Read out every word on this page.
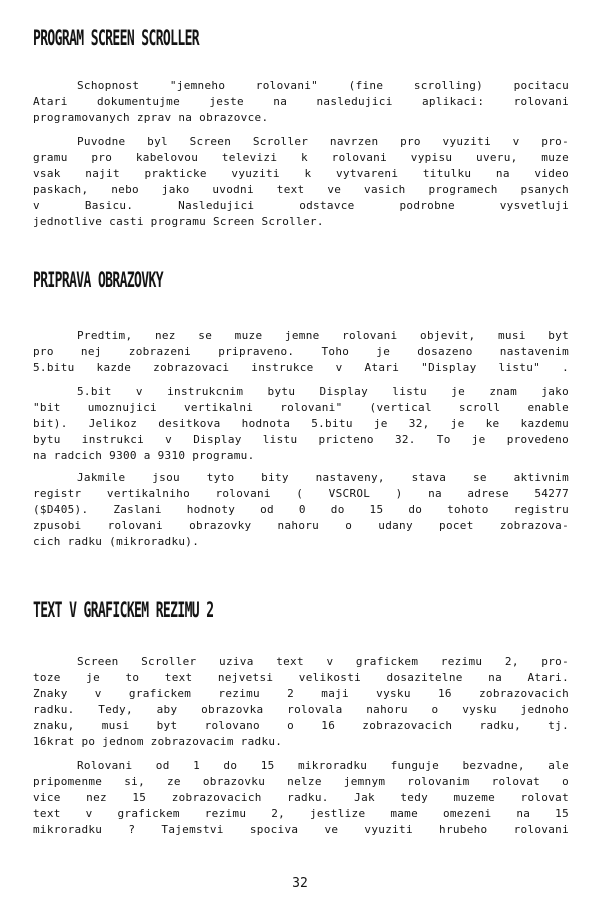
PROGRAM SCREEN SCROLLER
Schopnost "jemneho rolovani" (fine scrolling) pocitacu
Atari dokumentujme jeste na nasledujici aplikaci: rolovani
programovanych zprav na obrazovce.
Puvodne byl Screen Scroller navrzen pro vyuziti v pro-
gramu pro kabelovou televizi k rolovani vypisu uveru, muze
vsak najit prakticke vyuziti k vytvareni titulku na video
paskach, nebo jako uvodni text ve vasich programech psanych
v Basicu. Nasledujici odstavce podrobne vysvetluji
jednotlive casti programu Screen Scroller.
PRIPRAVA OBRAZOVKY
Predtim, nez se muze jemne rolovani objevit, musi byt
pro nej zobrazeni pripraveno. Toho je dosazeno nastavenim
5.bitu kazde zobrazovaci instrukce v Atari "Display listu" .
5.bit v instrukcnim bytu Display listu je znam jako
"bit umoznujici vertikalni rolovani" (vertical scroll enable
bit). Jelikoz desitkova hodnota 5.bitu je 32, je ke kazdemu
bytu instrukci v Display listu pricteno 32. To je provedeno
na radcich 9300 a 9310 programu.
Jakmile jsou tyto bity nastaveny, stava se aktivnim
registr vertikalniho rolovani ( VSCROL ) na adrese 54277
($D405). Zaslani hodnoty od 0 do 15 do tohoto registru
zpusobi rolovani obrazovky nahoru o udany pocet zobrazova-
cich radku (mikroradku).
TEXT V GRAFICKEM REZIMU 2
Screen Scroller uziva text v grafickem rezimu 2, pro-
toze je to text nejvetsi velikosti dosazitelne na Atari.
Znaky v grafickem rezimu 2 maji vysku 16 zobrazovacich
radku. Tedy, aby obrazovka rolovala nahoru o vysku jednoho
znaku, musi byt rolovano o 16 zobrazovacich radku, tj.
16krat po jednom zobrazovacim radku.
Rolovani od 1 do 15 mikroradku funguje bezvadne, ale
pripomenme si, ze obrazovku nelze jemnym rolovanim rolovat o
vice nez 15 zobrazovacich radku. Jak tedy muzeme rolovat
text v grafickem rezimu 2, jestlize mame omezeni na 15
mikroradku ? Tajemstvi spociva ve vyuziti hrubeho rolovani
32
